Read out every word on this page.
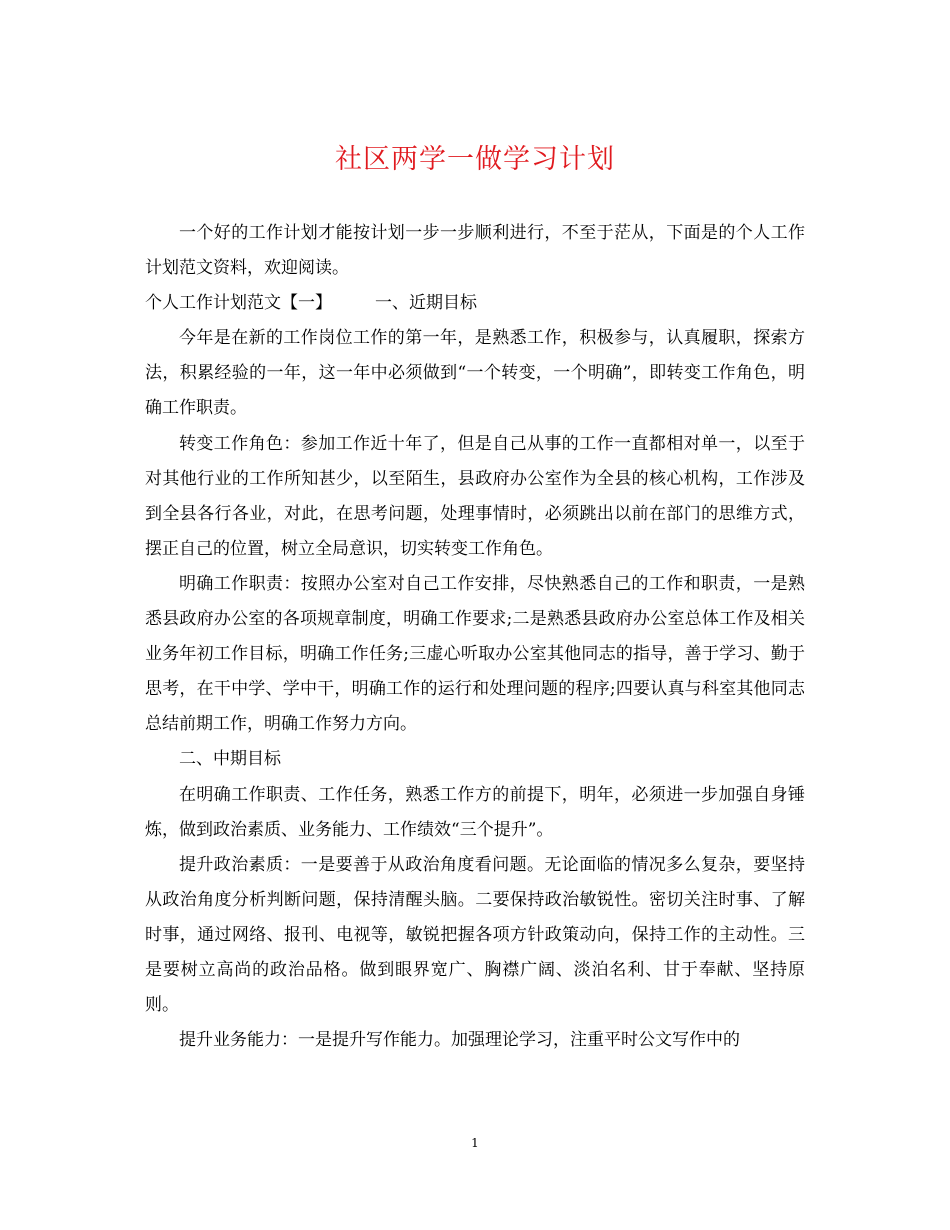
社区两学一做学习计划

一个好的工作计划才能按计划一步一步顺利进行，不至于茫从，下面是的个人工作计划范文资料，欢迎阅读。

个人工作计划范文【一】	一、近期目标

今年是在新的工作岗位工作的第一年，是熟悉工作，积极参与，认真履职，探索方法，积累经验的一年，这一年中必须做到“一个转变，一个明确”，即转变工作角色，明确工作职责。

转变工作角色：参加工作近十年了，但是自己从事的工作一直都相对单一，以至于对其他行业的工作所知甚少，以至陌生，县政府办公室作为全县的核心机构，工作涉及到全县各行各业，对此，在思考问题，处理事情时，必须跳出以前在部门的思维方式，摆正自己的位置，树立全局意识，切实转变工作角色。

明确工作职责：按照办公室对自己工作安排，尽快熟悉自己的工作和职责，一是熟悉县政府办公室的各项规章制度，明确工作要求;二是熟悉县政府办公室总体工作及相关业务年初工作目标，明确工作任务;三虚心听取办公室其他同志的指导，善于学习、勤于思考，在干中学、学中干，明确工作的运行和处理问题的程序;四要认真与科室其他同志总结前期工作，明确工作努力方向。

二、中期目标

在明确工作职责、工作任务，熟悉工作方的前提下，明年，必须进一步加强自身锤炼，做到政治素质、业务能力、工作绩效“三个提升”。

提升政治素质：一是要善于从政治角度看问题。无论面临的情况多么复杂，要坚持从政治角度分析判断问题，保持清醒头脑。二要保持政治敏锐性。密切关注时事、了解时事，通过网络、报刊、电视等，敏锐把握各项方针政策动向，保持工作的主动性。三是要树立高尚的政治品格。做到眼界宽广、胸襟广阔、淡泊名利、甘于奉献、坚持原则。

提升业务能力：一是提升写作能力。加强理论学习，注重平时公文写作中的

1
